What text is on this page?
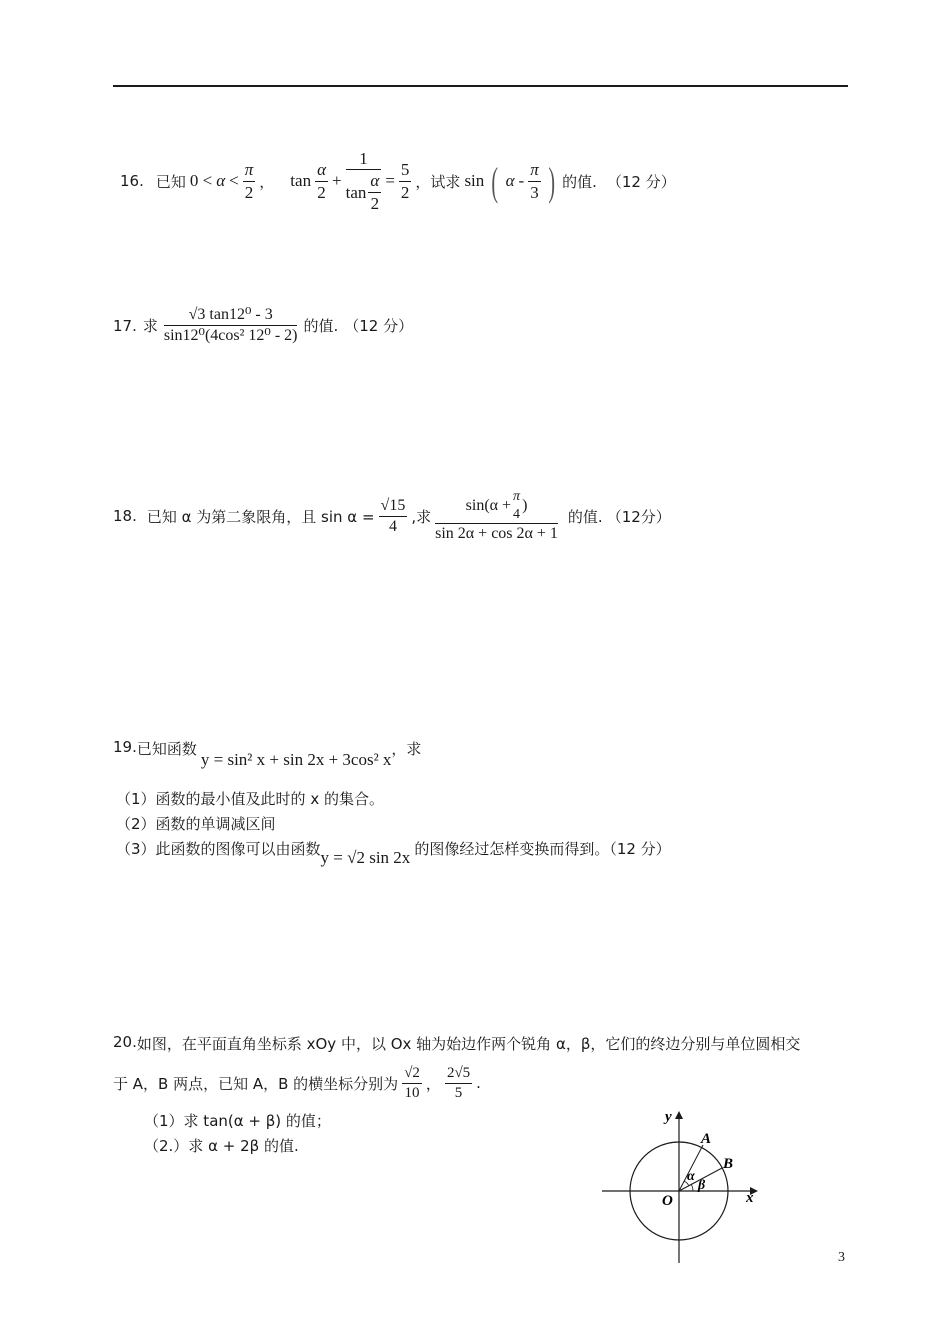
16. 已知 $0 < \alpha < \frac{\pi}{2}$ ， $\tan \frac{\alpha}{2} + \frac{1}{\tan \frac{\alpha}{2}} = \frac{5}{2}$ ，试求 sin ( α - $\frac{\pi}{3}$ ) 的值. （12 分）
17. 求 $\frac{\text{√3 tan12⁰ - 3}}{\text{sin12⁰(4cos² 12⁰ - 2)}}$ 的值. （12 分）
18. 已知 α 为第二象限角，且 $\sin \alpha = \frac{√15}{4}$ ,求 sin(α + π
4
)
sin 2α + cos 2α + 1 的值. （12分）
19. 已知函数
y = sin² x + sin 2x + 3cos² x
，求
（1）函数的最小值及此时的 x 的集合。
（2）函数的单调减区间
（3）此函数的图像可以由函数 y = √2 sin 2x 的图像经过怎样变换而得到。（12 分）
20. 如图，在平面直角坐标系 xOy 中，以 Ox 轴为始边作两个锐角 α，β，它们的终边分别与单位圆相交
于 A，B 两点，已知 A，B 的横坐标分别为 $\frac{√2}{10}$ ， $\frac{2√5}{5}$ .
（1）求 tan(α + β) 的值；
（2.）求 α + 2β 的值.
y
x
O
A
B
α
β
3
